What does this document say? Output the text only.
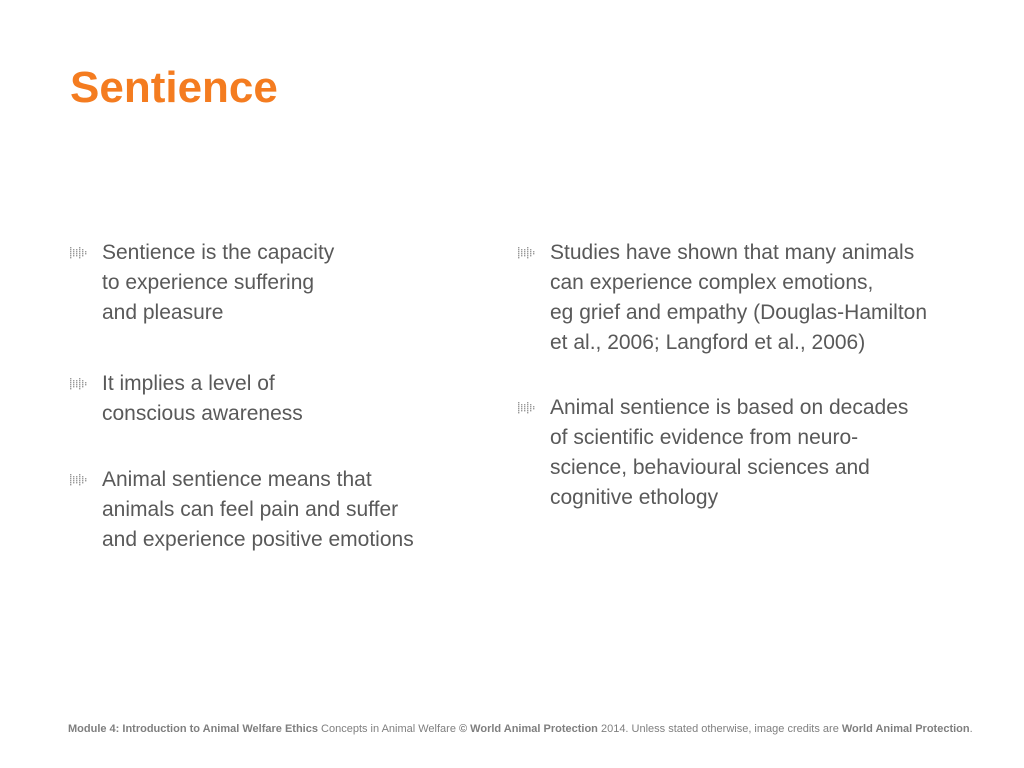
Sentience
Sentience is the capacity
to experience suffering
and pleasure
It implies a level of
conscious awareness
Animal sentience means that
animals can feel pain and suffer
and experience positive emotions
Studies have shown that many animals
can experience complex emotions,
eg grief and empathy (Douglas-Hamilton
et al., 2006; Langford et al., 2006)
Animal sentience is based on decades
of scientific evidence from neuro-
science, behavioural sciences and
cognitive ethology
Module 4: Introduction to Animal Welfare Ethics Concepts in Animal Welfare © World Animal Protection 2014. Unless stated otherwise, image credits are World Animal Protection.
